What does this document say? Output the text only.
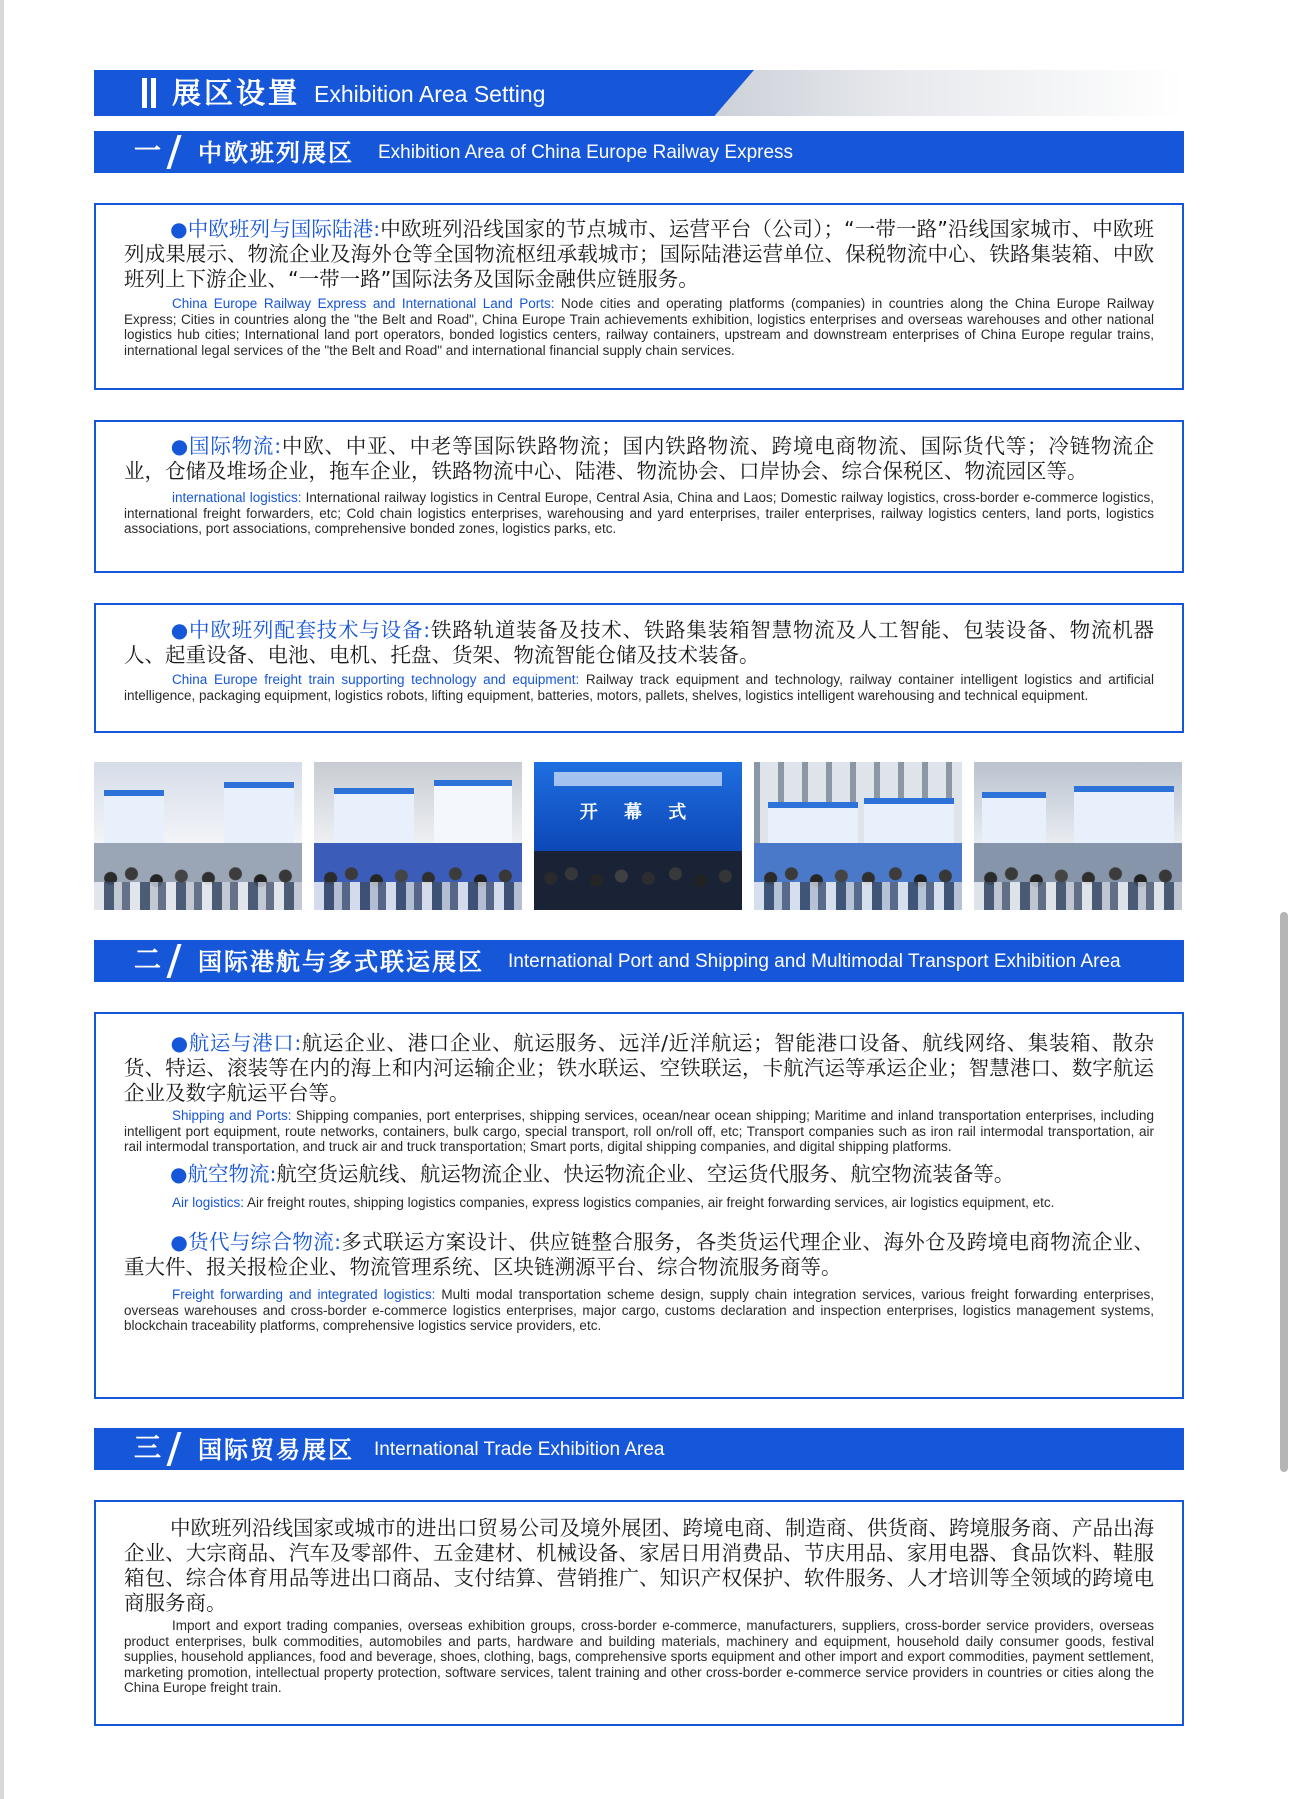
展区设置 Exhibition Area Setting
一 中欧班列展区 Exhibition Area of China Europe Railway Express

●中欧班列与国际陆港:中欧班列沿线国家的节点城市、运营平台（公司）；“一带一路”沿线国家城市、中欧班列成果展示、物流企业及海外仓等全国物流枢纽承载城市；国际陆港运营单位、保税物流中心、铁路集装箱、中欧班列上下游企业、“一带一路”国际法务及国际金融供应链服务。

China Europe Railway Express and International Land Ports: Node cities and operating platforms (companies) in countries along the China Europe Railway Express; Cities in countries along the "the Belt and Road", China Europe Train achievements exhibition, logistics enterprises and overseas warehouses and other national logistics hub cities; International land port operators, bonded logistics centers, railway containers, upstream and downstream enterprises of China Europe regular trains, international legal services of the "the Belt and Road" and international financial supply chain services.

●国际物流:中欧、中亚、中老等国际铁路物流；国内铁路物流、跨境电商物流、国际货代等；冷链物流企业，仓储及堆场企业，拖车企业，铁路物流中心、陆港、物流协会、口岸协会、综合保税区、物流园区等。

international logistics: International railway logistics in Central Europe, Central Asia, China and Laos; Domestic railway logistics, cross-border e-commerce logistics, international freight forwarders, etc; Cold chain logistics enterprises, warehousing and yard enterprises, trailer enterprises, railway logistics centers, land ports, logistics associations, port associations, comprehensive bonded zones, logistics parks, etc.

●中欧班列配套技术与设备:铁路轨道装备及技术、铁路集装箱智慧物流及人工智能、包装设备、物流机器人、起重设备、电池、电机、托盘、货架、物流智能仓储及技术装备。

China Europe freight train supporting technology and equipment: Railway track equipment and technology, railway container intelligent logistics and artificial intelligence, packaging equipment, logistics robots, lifting equipment, batteries, motors, pallets, shelves, logistics intelligent warehousing and technical equipment.

开 幕 式
二 国际港航与多式联运展区 International Port and Shipping and Multimodal Transport Exhibition Area

●航运与港口:航运企业、港口企业、航运服务、远洋/近洋航运；智能港口设备、航线网络、集装箱、散杂货、特运、滚装等在内的海上和内河运输企业；铁水联运、空铁联运，卡航汽运等承运企业；智慧港口、数字航运企业及数字航运平台等。

Shipping and Ports: Shipping companies, port enterprises, shipping services, ocean/near ocean shipping; Maritime and inland transportation enterprises, including intelligent port equipment, route networks, containers, bulk cargo, special transport, roll on/roll off, etc; Transport companies such as iron rail intermodal transportation, air rail intermodal transportation, and truck air and truck transportation; Smart ports, digital shipping companies, and digital shipping platforms.

●航空物流:航空货运航线、航运物流企业、快运物流企业、空运货代服务、航空物流装备等。

Air logistics: Air freight routes, shipping logistics companies, express logistics companies, air freight forwarding services, air logistics equipment, etc.

●货代与综合物流:多式联运方案设计、供应链整合服务，各类货运代理企业、海外仓及跨境电商物流企业、重大件、报关报检企业、物流管理系统、区块链溯源平台、综合物流服务商等。

Freight forwarding and integrated logistics: Multi modal transportation scheme design, supply chain integration services, various freight forwarding enterprises, overseas warehouses and cross-border e-commerce logistics enterprises, major cargo, customs declaration and inspection enterprises, logistics management systems, blockchain traceability platforms, comprehensive logistics service providers, etc.

三 国际贸易展区 International Trade Exhibition Area

中欧班列沿线国家或城市的进出口贸易公司及境外展团、跨境电商、制造商、供货商、跨境服务商、产品出海企业、大宗商品、汽车及零部件、五金建材、机械设备、家居日用消费品、节庆用品、家用电器、食品饮料、鞋服箱包、综合体育用品等进出口商品、支付结算、营销推广、知识产权保护、软件服务、人才培训等全领域的跨境电商服务商。

Import and export trading companies, overseas exhibition groups, cross-border e-commerce, manufacturers, suppliers, cross-border service providers, overseas product enterprises, bulk commodities, automobiles and parts, hardware and building materials, machinery and equipment, household daily consumer goods, festival supplies, household appliances, food and beverage, shoes, clothing, bags, comprehensive sports equipment and other import and export commodities, payment settlement, marketing promotion, intellectual property protection, software services, talent training and other cross-border e-commerce service providers in countries or cities along the China Europe freight train.
